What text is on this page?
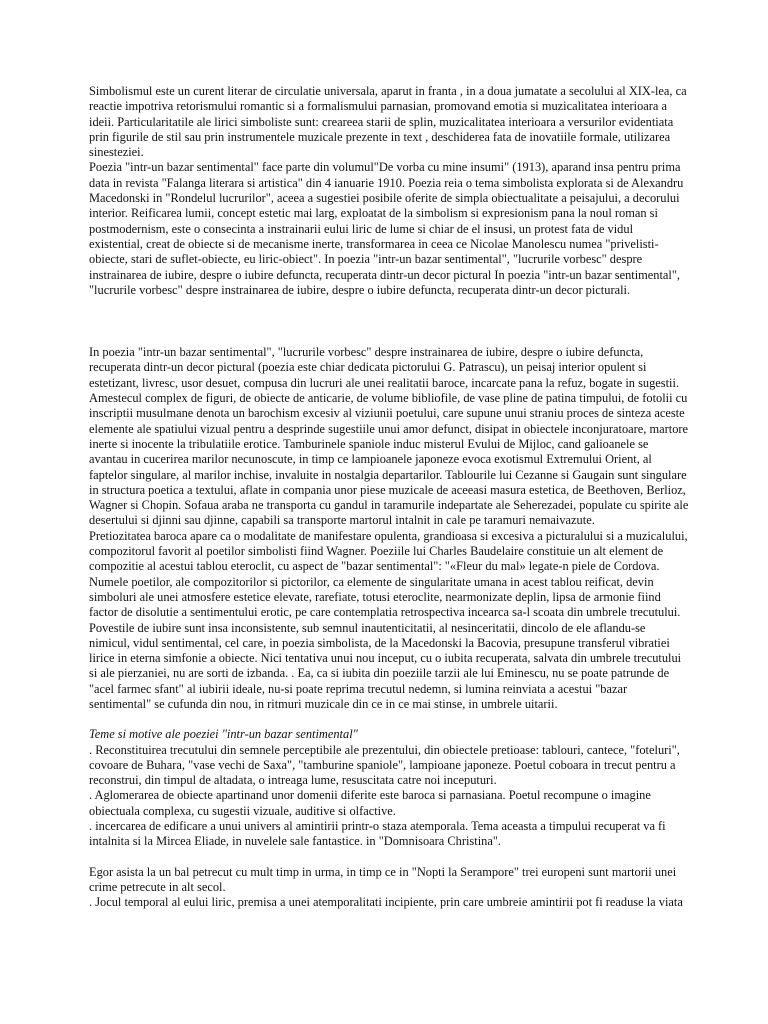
Simbolismul este un curent literar de circulatie universala, aparut in franta , in a doua jumatate a secolului al XIX-lea, ca reactie impotriva retorismului romantic si a formalismului parnasian, promovand emotia si muzicalitatea interioara a ideii. Particularitatile ale lirici simboliste sunt: creareea starii de splin, muzicalitatea interioara a versurilor evidentiata prin figurile de stil sau prin instrumentele muzicale prezente in text , deschiderea fata de inovatiile formale, utilizarea sinesteziei.

Poezia "intr-un bazar sentimental" face parte din volumul"De vorba cu mine insumi" (1913), aparand insa pentru prima data in revista "Falanga literara si artistica" din 4 ianuarie 1910. Poezia reia o tema simbolista explorata si de Alexandru Macedonski in "Rondelul lucrurilor", aceea a sugestiei posibile oferite de simpla obiectualitate a peisajului, a decorului interior. Reificarea lumii, concept estetic mai larg, exploatat de la simbolism si expresionism pana la noul roman si postmodernism, este o consecinta a instrainarii eului liric de lume si chiar de el insusi, un protest fata de vidul existential, creat de obiecte si de mecanisme inerte, transformarea in ceea ce Nicolae Manolescu numea "privelisti-obiecte, stari de suflet-obiecte, eu liric-obiect". In poezia "intr-un bazar sentimental", "lucrurile vorbesc" despre instrainarea de iubire, despre o iubire defuncta, recuperata dintr-un decor pictural In poezia "intr-un bazar sentimental", "lucrurile vorbesc" despre instrainarea de iubire, despre o iubire defuncta, recuperata dintr-un decor picturali.

In poezia "intr-un bazar sentimental", "lucrurile vorbesc" despre instrainarea de iubire, despre o iubire defuncta, recuperata dintr-un decor pictural (poezia este chiar dedicata pictorului G. Patrascu), un peisaj interior opulent si estetizant, livresc, usor desuet, compusa din lucruri ale unei realitatii baroce, incarcate pana la refuz, bogate in sugestii. Amestecul complex de figuri, de obiecte de anticarie, de volume bibliofile, de vase pline de patina timpului, de fotolii cu inscriptii musulmane denota un barochism excesiv al viziunii poetului, care supune unui straniu proces de sinteza aceste elemente ale spatiului vizual pentru a desprinde sugestiile unui amor defunct, disipat in obiectele inconjuratoare, martore inerte si inocente la tribulatiile erotice. Tamburinele spaniole induc misterul Evului de Mijloc, cand galioanele se avantau in cucerirea marilor necunoscute, in timp ce lampioanele japoneze evoca exotismul Extremului Orient, al faptelor singulare, al marilor inchise, invaluite in nostalgia departarilor. Tablourile lui Cezanne si Gaugain sunt singulare in structura poetica a textului, aflate in compania unor piese muzicale de aceeasi masura estetica, de Beethoven, Berlioz, Wagner si Chopin. Sofaua araba ne transporta cu gandul in taramurile indepartate ale Seherezadei, populate cu spirite ale desertului si djinni sau djinne, capabili sa transporte martorul intalnit in cale pe taramuri nemaivazute.

Pretiozitatea baroca apare ca o modalitate de manifestare opulenta, grandioasa si excesiva a picturalului si a muzicalului, compozitorul favorit al poetilor simbolisti fiind Wagner. Poeziile lui Charles Baudelaire constituie un alt element de compozitie al acestui tablou eteroclit, cu aspect de "bazar sentimental": "«Fleur du mal» legate-n piele de Cordova. Numele poetilor, ale compozitorilor si pictorilor, ca elemente de singularitate umana in acest tablou reificat, devin simboluri ale unei atmosfere estetice elevate, rarefiate, totusi eteroclite, nearmonizate deplin, lipsa de armonie fiind factor de disolutie a sentimentului erotic, pe care contemplatia retrospectiva incearca sa-l scoata din umbrele trecutului. Povestile de iubire sunt insa inconsistente, sub semnul inautenticitatii, al nesinceritatii, dincolo de ele aflandu-se nimicul, vidul sentimental, cel care, in poezia simbolista, de la Macedonski la Bacovia, presupune transferul vibratiei lirice in eterna simfonie a obiecte. Nici tentativa unui nou inceput, cu o iubita recuperata, salvata din umbrele trecutului si ale pierzaniei, nu are sorti de izbanda. . Ea, ca si iubita din poeziile tarzii ale lui Eminescu, nu se poate patrunde de "acel farmec sfant" al iubirii ideale, nu-si poate reprima trecutul nedemn, si lumina reinviata a acestui "bazar sentimental" se cufunda din nou, in ritmuri muzicale din ce in ce mai stinse, in umbrele uitarii.

Teme si motive ale poeziei "intr-un bazar sentimental"

. Reconstituirea trecutului din semnele perceptibile ale prezentului, din obiectele pretioase: tablouri, cantece, "foteluri", covoare de Buhara, "vase vechi de Saxa", "tamburine spaniole", lampioane japoneze. Poetul coboara in trecut pentru a reconstrui, din timpul de altadata, o intreaga lume, resuscitata catre noi inceputuri.

. Aglomerarea de obiecte apartinand unor domenii diferite este baroca si parnasiana. Poetul recompune o imagine obiectuala complexa, cu sugestii vizuale, auditive si olfactive.

. incercarea de edificare a unui univers al amintirii printr-o staza atemporala. Tema aceasta a timpului recuperat va fi intalnita si la Mircea Eliade, in nuvelele sale fantastice. in "Domnisoara Christina".

Egor asista la un bal petrecut cu mult timp in urma, in timp ce in "Nopti la Serampore" trei europeni sunt martorii unei crime petrecute in alt secol.

. Jocul temporal al eului liric, premisa a unei atemporalitati incipiente, prin care umbreie amintirii pot fi readuse la viata
